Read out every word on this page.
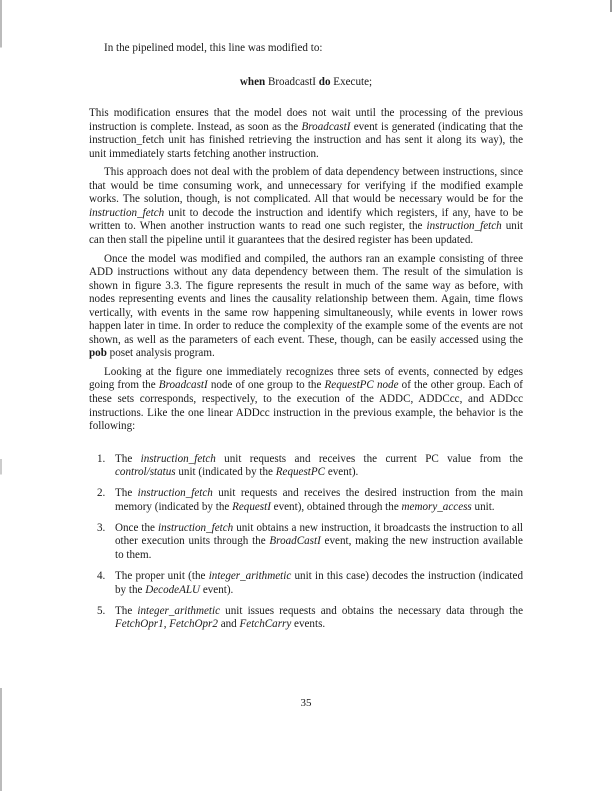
In the pipelined model, this line was modified to:

when BroadcastI do Execute;

This modification ensures that the model does not wait until the processing of the previous instruction is complete. Instead, as soon as the BroadcastI event is generated (indicating that the instruction_fetch unit has finished retrieving the instruction and has sent it along its way), the unit immediately starts fetching another instruction.

This approach does not deal with the problem of data dependency between instructions, since that would be time consuming work, and unnecessary for verifying if the modified example works. The solution, though, is not complicated. All that would be necessary would be for the instruction_fetch unit to decode the instruction and identify which registers, if any, have to be written to. When another instruction wants to read one such register, the instruction_fetch unit can then stall the pipeline until it guarantees that the desired register has been updated.

Once the model was modified and compiled, the authors ran an example consisting of three ADD instructions without any data dependency between them. The result of the simulation is shown in figure 3.3. The figure represents the result in much of the same way as before, with nodes representing events and lines the causality relationship between them. Again, time flows vertically, with events in the same row happening simultaneously, while events in lower rows happen later in time. In order to reduce the complexity of the example some of the events are not shown, as well as the parameters of each event. These, though, can be easily accessed using the pob poset analysis program.

Looking at the figure one immediately recognizes three sets of events, connected by edges going from the BroadcastI node of one group to the RequestPC node of the other group. Each of these sets corresponds, respectively, to the execution of the ADDC, ADDCcc, and ADDcc instructions. Like the one linear ADDcc instruction in the previous example, the behavior is the following:

1. The instruction_fetch unit requests and receives the current PC value from the control/status unit (indicated by the RequestPC event).
2. The instruction_fetch unit requests and receives the desired instruction from the main memory (indicated by the RequestI event), obtained through the memory_access unit.
3. Once the instruction_fetch unit obtains a new instruction, it broadcasts the instruction to all other execution units through the BroadCastI event, making the new instruction available to them.
4. The proper unit (the integer_arithmetic unit in this case) decodes the instruction (indicated by the DecodeALU event).
5. The integer_arithmetic unit issues requests and obtains the necessary data through the FetchOpr1, FetchOpr2 and FetchCarry events.
35
